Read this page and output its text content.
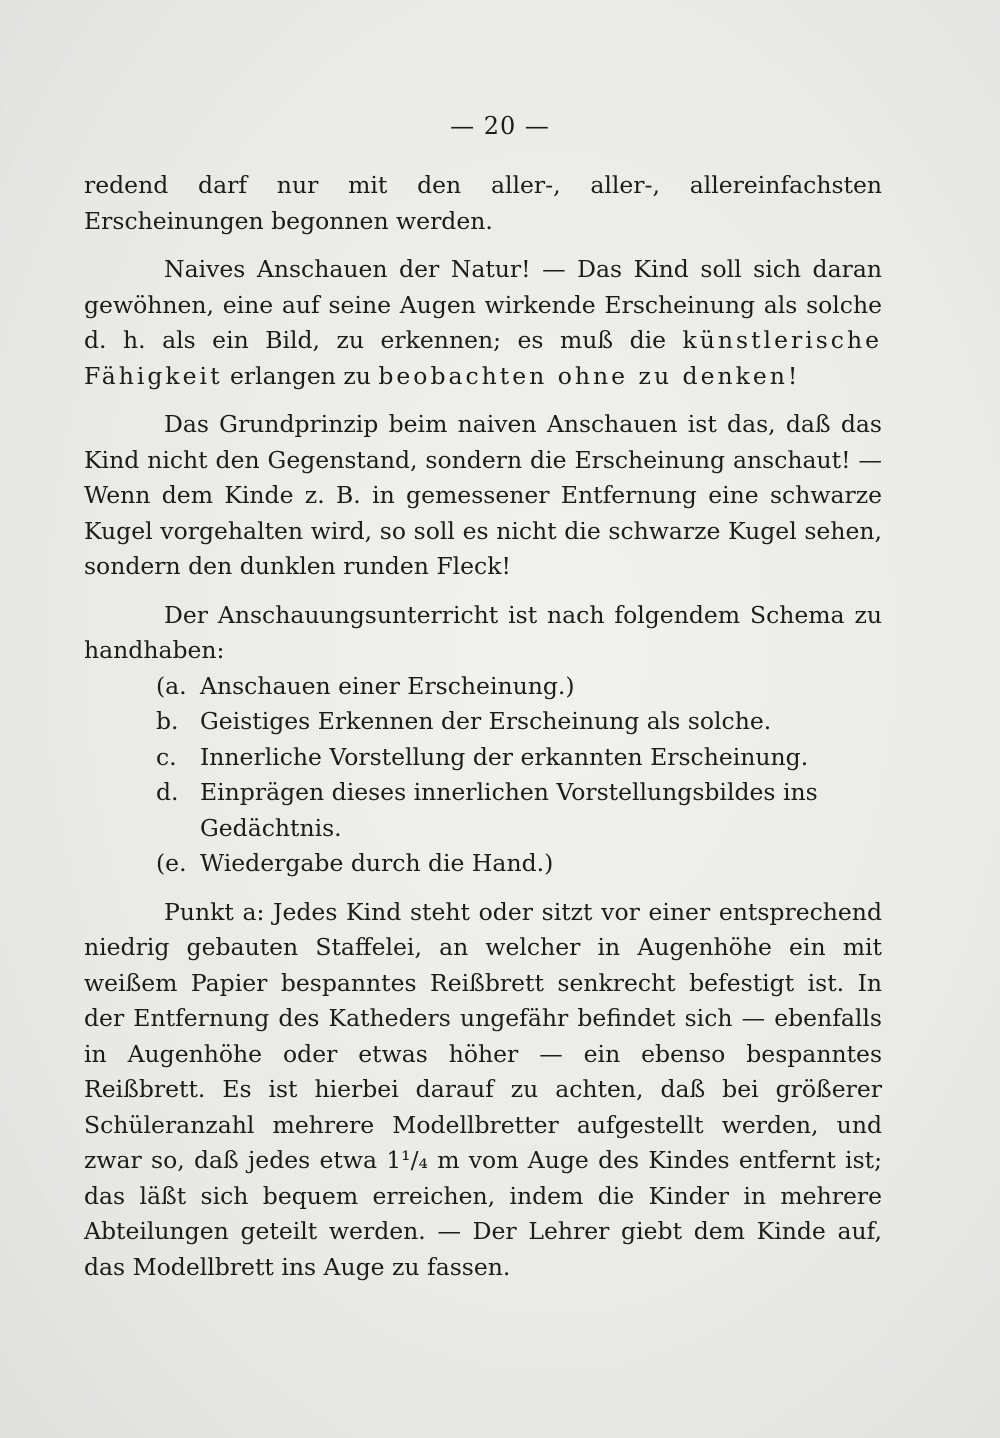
— 20 —

redend darf nur mit den aller-, aller-, allereinfachsten Erscheinungen begonnen werden.

Naives Anschauen der Natur! — Das Kind soll sich daran gewöhnen, eine auf seine Augen wirkende Erscheinung als solche d. h. als ein Bild, zu erkennen; es muß die künstlerische Fähigkeit erlangen zu beobachten ohne zu denken!

Das Grundprinzip beim naiven Anschauen ist das, daß das Kind nicht den Gegenstand, sondern die Erscheinung anschaut! — Wenn dem Kinde z. B. in gemessener Entfernung eine schwarze Kugel vorgehalten wird, so soll es nicht die schwarze Kugel sehen, sondern den dunklen runden Fleck!

Der Anschauungsunterricht ist nach folgendem Schema zu handhaben:

(a. Anschauen einer Erscheinung.)
b. Geistiges Erkennen der Erscheinung als solche.
c. Innerliche Vorstellung der erkannten Erscheinung.
d. Einprägen dieses innerlichen Vorstellungsbildes ins
Gedächtnis.
(e. Wiedergabe durch die Hand.)

Punkt a: Jedes Kind steht oder sitzt vor einer entsprechend niedrig gebauten Staffelei, an welcher in Augenhöhe ein mit weißem Papier bespanntes Reißbrett senkrecht befestigt ist. In der Entfernung des Katheders ungefähr befindet sich — ebenfalls in Augenhöhe oder etwas höher — ein ebenso bespanntes Reißbrett. Es ist hierbei darauf zu achten, daß bei größerer Schüleranzahl mehrere Modellbretter aufgestellt werden, und zwar so, daß jedes etwa 1¹/₄ m vom Auge des Kindes entfernt ist; das läßt sich bequem erreichen, indem die Kinder in mehrere Abteilungen geteilt werden. — Der Lehrer giebt dem Kinde auf, das Modellbrett ins Auge zu fassen.
